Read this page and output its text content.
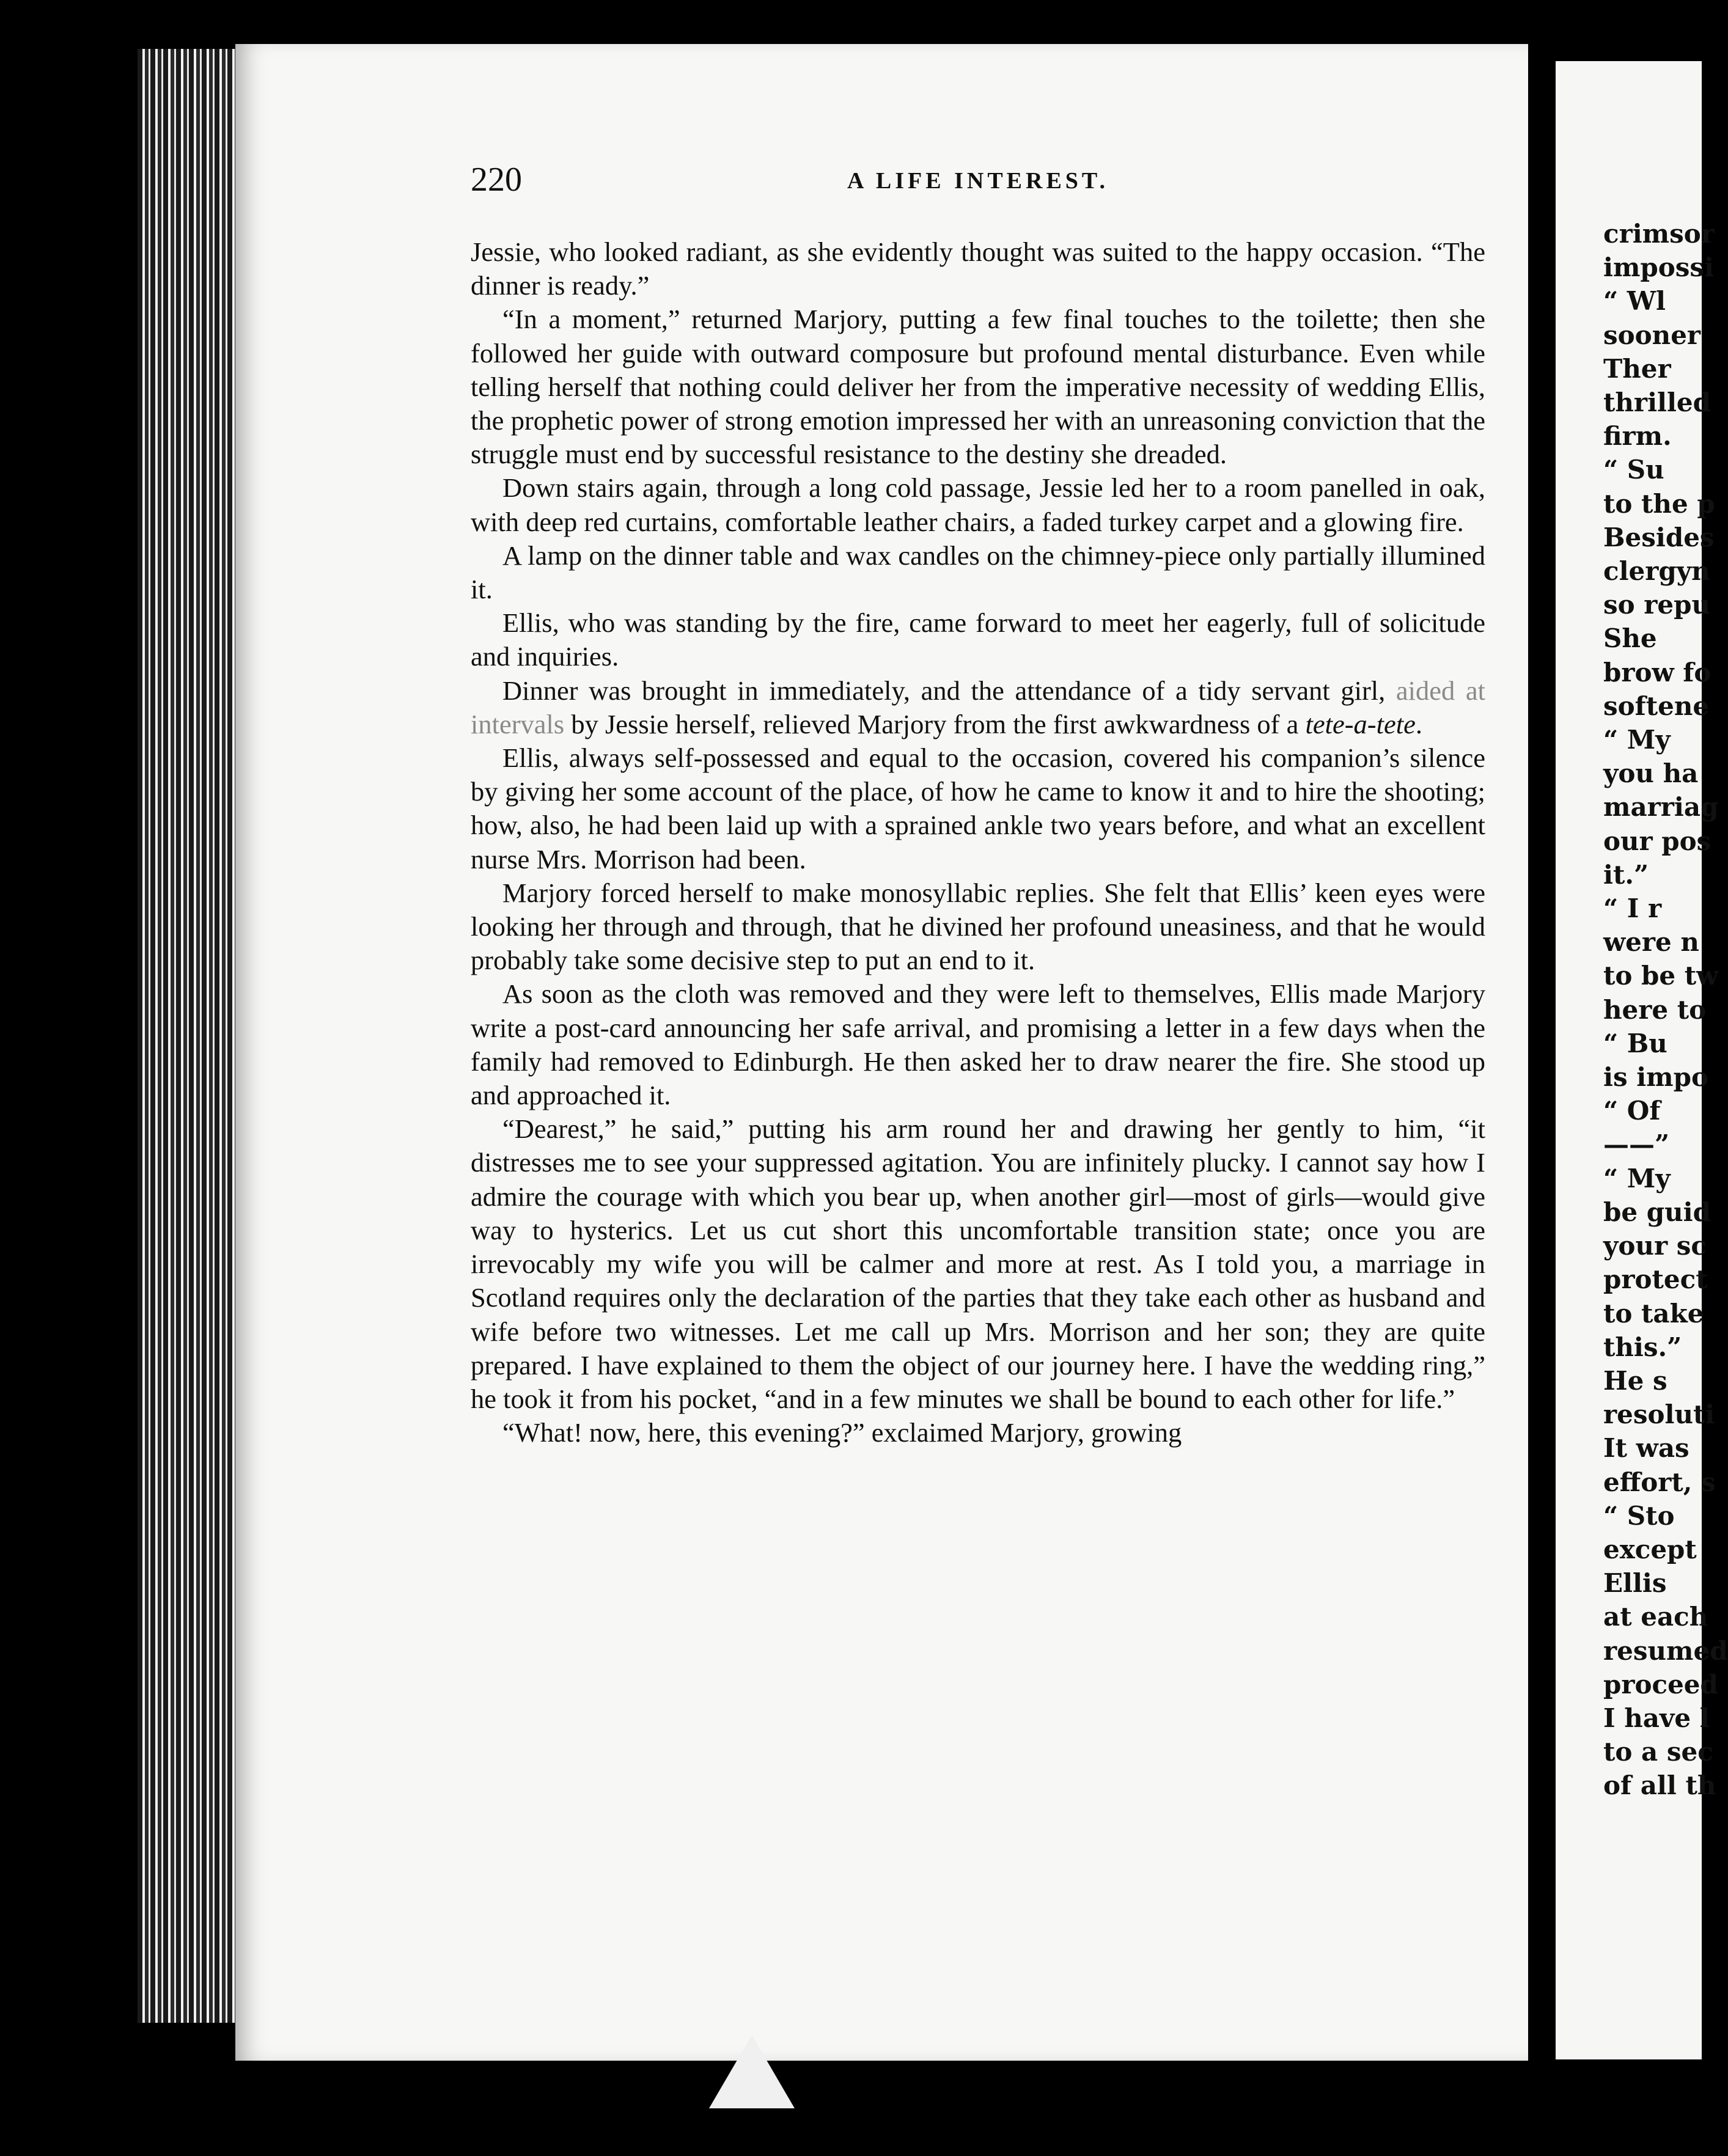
220	A LIFE INTEREST.

Jessie, who looked radiant, as she evidently thought was suited to the happy occasion. “The dinner is ready.”

“In a moment,” returned Marjory, putting a few final touches to the toilette; then she followed her guide with outward composure but profound mental disturbance. Even while telling herself that nothing could deliver her from the imperative necessity of wedding Ellis, the prophetic power of strong emotion impressed her with an unreasoning conviction that the struggle must end by successful resistance to the destiny she dreaded.

Down stairs again, through a long cold passage, Jessie led her to a room panelled in oak, with deep red curtains, comfortable leather chairs, a faded turkey carpet and a glowing fire.

A lamp on the dinner table and wax candles on the chimney-piece only partially illumined it.

Ellis, who was standing by the fire, came forward to meet her eagerly, full of solicitude and inquiries.

Dinner was brought in immediately, and the attendance of a tidy servant girl, aided at intervals by Jessie herself, relieved Marjory from the first awkwardness of a tete-a-tete.

Ellis, always self-possessed and equal to the occasion, covered his companion’s silence by giving her some account of the place, of how he came to know it and to hire the shooting; how, also, he had been laid up with a sprained ankle two years before, and what an excellent nurse Mrs. Morrison had been.

Marjory forced herself to make monosyllabic replies. She felt that Ellis’ keen eyes were looking her through and through, that he divined her profound uneasiness, and that he would probably take some decisive step to put an end to it.

As soon as the cloth was removed and they were left to themselves, Ellis made Marjory write a post-card announcing her safe arrival, and promising a letter in a few days when the family had removed to Edinburgh. He then asked her to draw nearer the fire. She stood up and approached it.

“Dearest,” he said,” putting his arm round her and drawing her gently to him, “it distresses me to see your suppressed agitation. You are infinitely plucky. I cannot say how I admire the courage with which you bear up, when another girl—most of girls—would give way to hysterics. Let us cut short this uncomfortable transition state; once you are irrevocably my wife you will be calmer and more at rest. As I told you, a marriage in Scotland requires only the declaration of the parties that they take each other as husband and wife before two witnesses. Let me call up Mrs. Morrison and her son; they are quite prepared. I have explained to them the object of our journey here. I have the wedding ring,” he took it from his pocket, “and in a few minutes we shall be bound to each other for life.”

“What! now, here, this evening?” exclaimed Marjory, growing

crimsor
impossi
“ Wl
sooner
Ther
thrilled
firm.
“ Su
to the p
Besides
clergyn
so repu
She
brow fo
softene
“ My
you ha
marriag
our pos
it.”
“ I r
were n
to be tw
here to
“ Bu
is impo
“ Of
——”
“ My
be guid
your sc
protect
to take
this.”
He s
resoluti
It was
effort, s
“ Sto
except
Ellis
at each
resumed
proceed
I have l
to a sec
of all th
